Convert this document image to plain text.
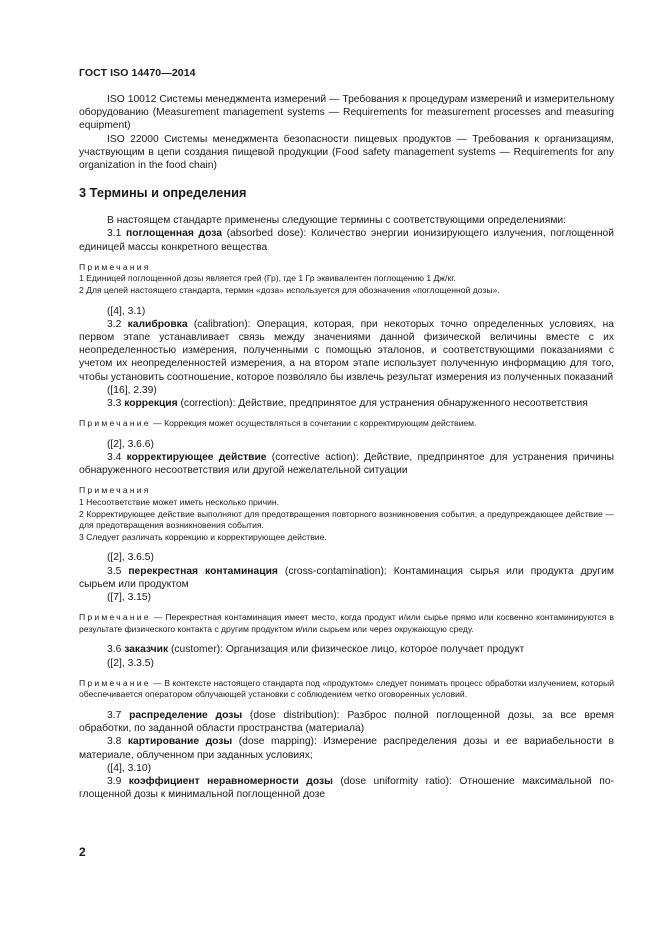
ГОСТ ISO 14470—2014

ISO 10012 Системы менеджмента измерений — Требования к процедурам измерений и измерительному оборудованию (Measurement management systems — Requirements for measurement processes and measuring equipment)

ISO 22000 Системы менеджмента безопасности пищевых продуктов — Требования к организациям, участвующим в цепи создания пищевой продукции (Food safety management systems — Requirements for any organization in the food chain)

3 Термины и определения

В настоящем стандарте применены следующие термины с соответствующими определениями:

3.1 поглощенная доза (absorbed dose): Количество энергии ионизирующего излучения, поглощенной единицей массы конкретного вещества

Примечания

1 Единицей поглощенной дозы является грей (Гр), где 1 Гр эквивалентен поглощению 1 Дж/кг.

2 Для целей настоящего стандарта, термин «доза» используется для обозначения «поглощенной дозы».

([4], 3.1)

3.2 калибровка (calibration): Операция, которая, при некоторых точно определенных условиях, на первом этапе устанавливает связь между значениями данной физической величины вместе с их неопределенностью измерения, полученными с помощью эталонов, и соответствующими показаниями с учетом их неопределенностей измерения, а на втором этапе использует полученную информацию для того, чтобы установить соотношение, которое позволяло бы извлечь результат измерения из полученных показаний

([16], 2.39)

3.3 коррекция (correction): Действие, предпринятое для устранения обнаруженного несоответствия

Примечание — Коррекция может осуществляться в сочетании с корректирующим действием.

([2], 3.6.6)

3.4 корректирующее действие (corrective action): Действие, предпринятое для устранения причины обнаруженного несоответствия или другой нежелательной ситуации

Примечания

1 Несоответствие может иметь несколько причин.

2 Корректирующее действие выполняют для предотвращения повторного возникновения события, а предупреждающее действие — для предотвращения возникновения события.

3 Следует различать коррекцию и корректирующее действие.

([2], 3.6.5)

3.5 перекрестная контаминация (cross-contamination): Контаминация сырья или продукта другим сырьем или продуктом

([7], 3.15)

Примечание — Перекрестная контаминация имеет место, когда продукт и/или сырье прямо или косвенно контаминируются в результате физического контакта с другим продуктом и/или сырьем или через окружающую среду.

3.6 заказчик (customer): Организация или физическое лицо, которое получает продукт

([2], 3.3.5)

Примечание — В контексте настоящего стандарта под «продуктом» следует понимать процесс обработки излучением, который обеспечивается оператором облучающей установки с соблюдением четко оговоренных условий.

3.7 распределение дозы (dose distribution): Разброс полной поглощенной дозы, за все время обработки, по заданной области пространства (материала)

3.8 картирование дозы (dose mapping): Измерение распределения дозы и ее вариабельности в материале, облученном при заданных условиях;

([4], 3.10)

3.9 коэффициент неравномерности дозы (dose uniformity ratio): Отношение максимальной поглощенной дозы к минимальной поглощенной дозе

2
